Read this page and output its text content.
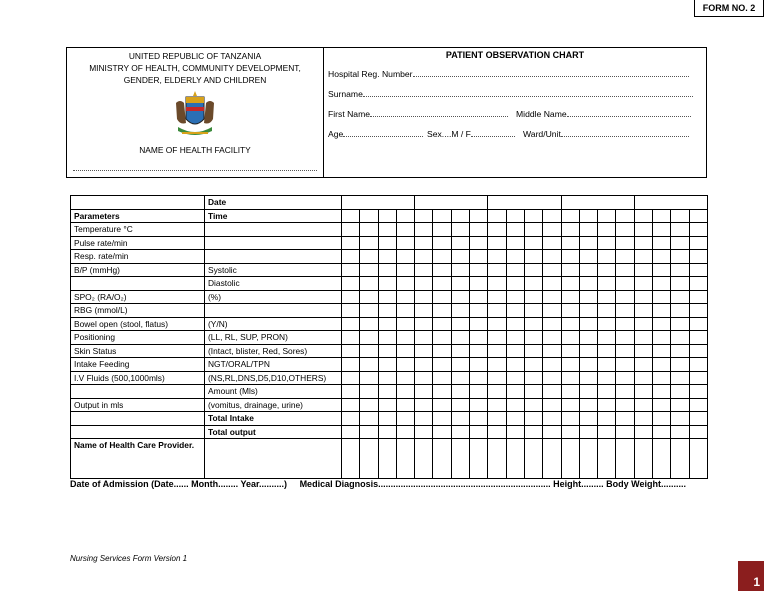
FORM NO. 2
UNITED REPUBLIC OF TANZANIA
MINISTRY OF HEALTH, COMMUNITY DEVELOPMENT,
GENDER, ELDERLY AND CHILDREN
NAME OF HEALTH FACILITY
PATIENT OBSERVATION CHART
Hospital Reg. Number
Surname
First Name	Middle Name
Age	Sex....M / F	Ward/Unit
	Date																				
Parameters	Time																				
Temperature °C																					
Pulse rate/min																					
Resp. rate/min																					
B/P (mmHg)	Systolic																				
	Diastolic																				
SPO₂ (RA/O₂)	(%)																				
RBG (mmol/L)																					
Bowel open (stool, flatus)	(Y/N)																				
Positioning	(LL, RL, SUP, PRON)																				
Skin Status	(Intact, blister, Red, Sores)																				
Intake Feeding	NGT/ORAL/TPN																				
I.V Fluids (500,1000mls)	(NS,RL,DNS,D5,D10,OTHERS)																				
	Amount (Mls)																				
Output in mls	(vomitus, drainage, urine)																				
	Total Intake																				
	Total output																				
Name of Health Care Provider.																					
Date of Admission (Date...... Month........ Year..........) Medical Diagnosis..................................................................... Height......... Body Weight..........
Nursing Services Form Version 1
1
